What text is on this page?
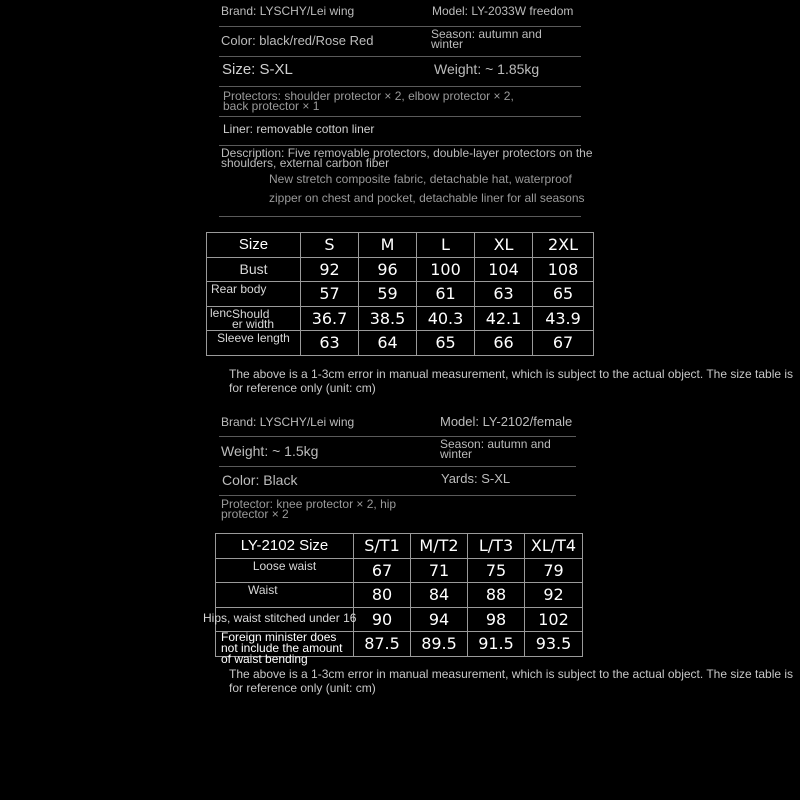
Brand: LYSCHY/Lei wing	Model: LY-2033W freedom
Color: black/red/Rose Red	Season: autumn and
winter
Size: S-XL	Weight: ~ 1.85kg
Protectors: shoulder protector × 2, elbow protector × 2,
back protector × 1
Liner: removable cotton liner
Description: Five removable protectors, double-layer protectors on the
shoulders, external carbon fiber
New stretch composite fabric, detachable hat, waterproof zipper on chest and pocket, detachable liner for all seasons
Size	S	M	L	XL	2XL
Bust	92	96	100	104	108
Rear body	57	59	61	63	65

lenc Should
er width	36.7	38.5	40.3	42.1	43.9
Sleeve length	63	64	65	66	67
The above is a 1-3cm error in manual measurement, which is subject to the actual object. The size table is for reference only (unit: cm)
Brand: LYSCHY/Lei wing	Model: LY-2102/female
Weight: ~ 1.5kg	Season: autumn and
winter
Color: Black	Yards: S-XL
Protector: knee protector × 2, hip
protector × 2
LY-2102 Size	S/T1	M/T2	L/T3	XL/T4
Loose waist	67	71	75	79
Waist	80	84	88	92

Hips, waist stitched under 16	90	94	98	102

Foreign minister does
not include the amount
of waist bending	87.5	89.5	91.5	93.5
The above is a 1-3cm error in manual measurement, which is subject to the actual object. The size table is for reference only (unit: cm)
